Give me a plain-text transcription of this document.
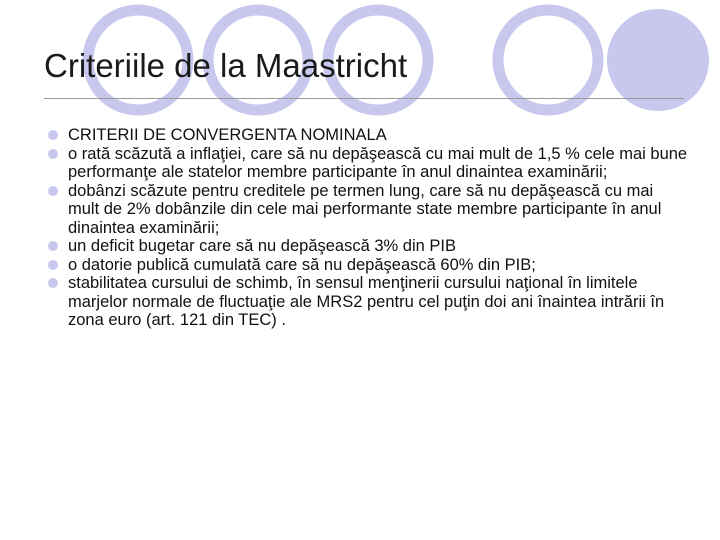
Criteriile de la Maastricht
CRITERII DE CONVERGENTA NOMINALA
o rată scăzută a inflaţiei, care să nu depăşească cu mai mult de 1,5 % cele mai bune performanţe ale statelor membre participante în anul dinaintea examinării;
dobânzi scăzute pentru creditele pe termen lung, care să nu depăşească cu mai mult de 2% dobânzile din cele mai performante state membre participante în anul dinaintea examinării;
un deficit bugetar care să nu depăşească 3% din PIB
o datorie publică cumulată care să nu depăşească 60% din PIB;
stabilitatea cursului de schimb, în sensul menţinerii cursului naţional în limitele marjelor normale de fluctuaţie ale MRS2 pentru cel puţin doi ani înaintea intrării în zona euro (art. 121 din TEC) .
